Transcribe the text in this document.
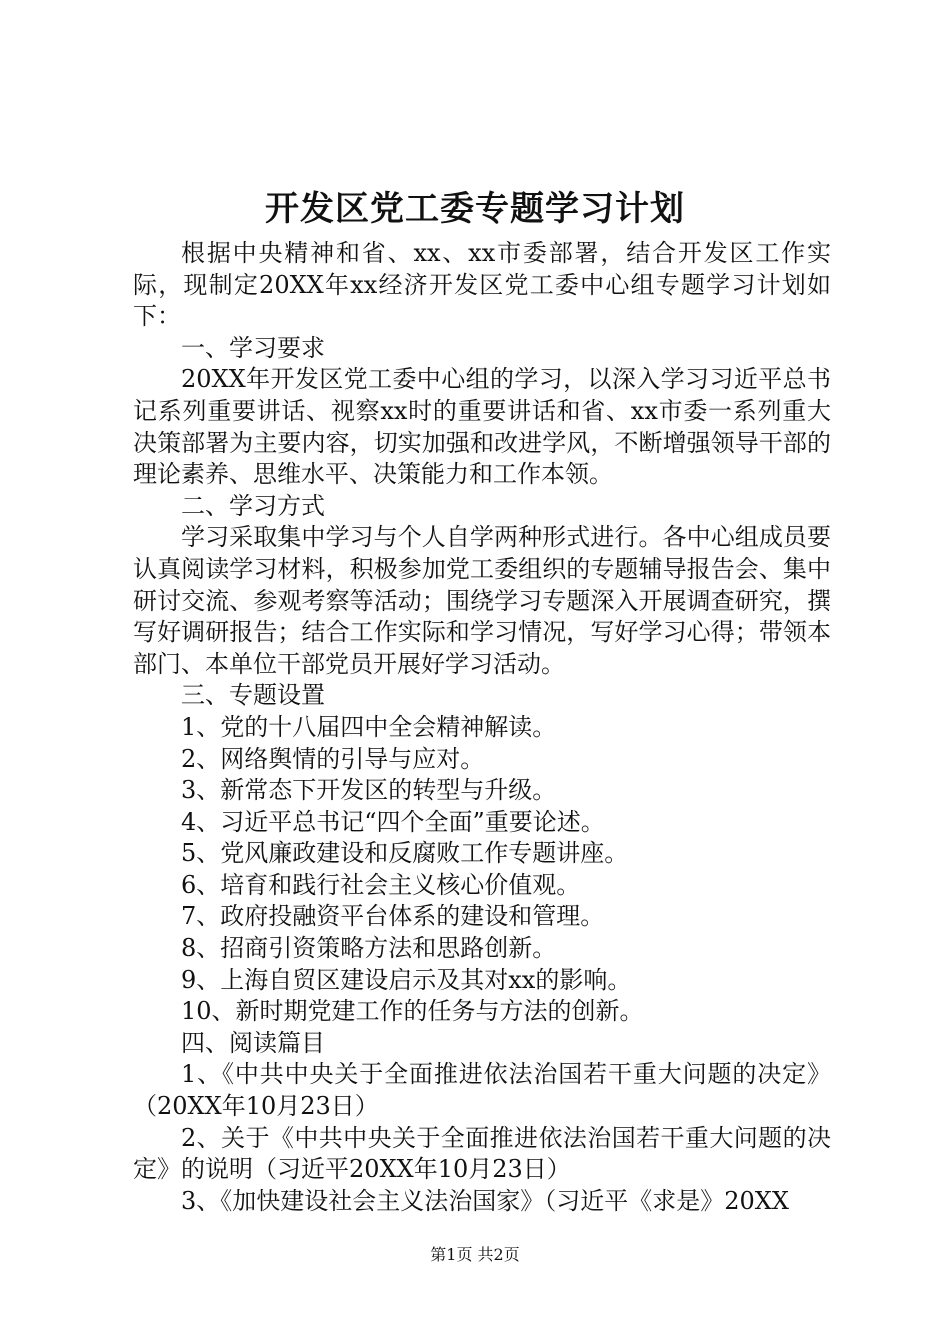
开发区党工委专题学习计划

根据中央精神和省、xx、xx市委部署，结合开发区工作实际，现制定20XX年xx经济开发区党工委中心组专题学习计划如下：

一、学习要求

20XX年开发区党工委中心组的学习，以深入学习习近平总书记系列重要讲话、视察xx时的重要讲话和省、xx市委一系列重大决策部署为主要内容，切实加强和改进学风，不断增强领导干部的理论素养、思维水平、决策能力和工作本领。

二、学习方式

学习采取集中学习与个人自学两种形式进行。各中心组成员要认真阅读学习材料，积极参加党工委组织的专题辅导报告会、集中研讨交流、参观考察等活动；围绕学习专题深入开展调查研究，撰写好调研报告；结合工作实际和学习情况，写好学习心得；带领本部门、本单位干部党员开展好学习活动。

三、专题设置

1、党的十八届四中全会精神解读。

2、网络舆情的引导与应对。

3、新常态下开发区的转型与升级。

4、习近平总书记“四个全面”重要论述。

5、党风廉政建设和反腐败工作专题讲座。

6、培育和践行社会主义核心价值观。

7、政府投融资平台体系的建设和管理。

8、招商引资策略方法和思路创新。

9、上海自贸区建设启示及其对xx的影响。

10、新时期党建工作的任务与方法的创新。

四、阅读篇目

1、《中共中央关于全面推进依法治国若干重大问题的决定》（20XX年10月23日）

2、关于《中共中央关于全面推进依法治国若干重大问题的决定》的说明（习近平20XX年10月23日）

3、《加快建设社会主义法治国家》（习近平《求是》20XX

第1页 共2页
